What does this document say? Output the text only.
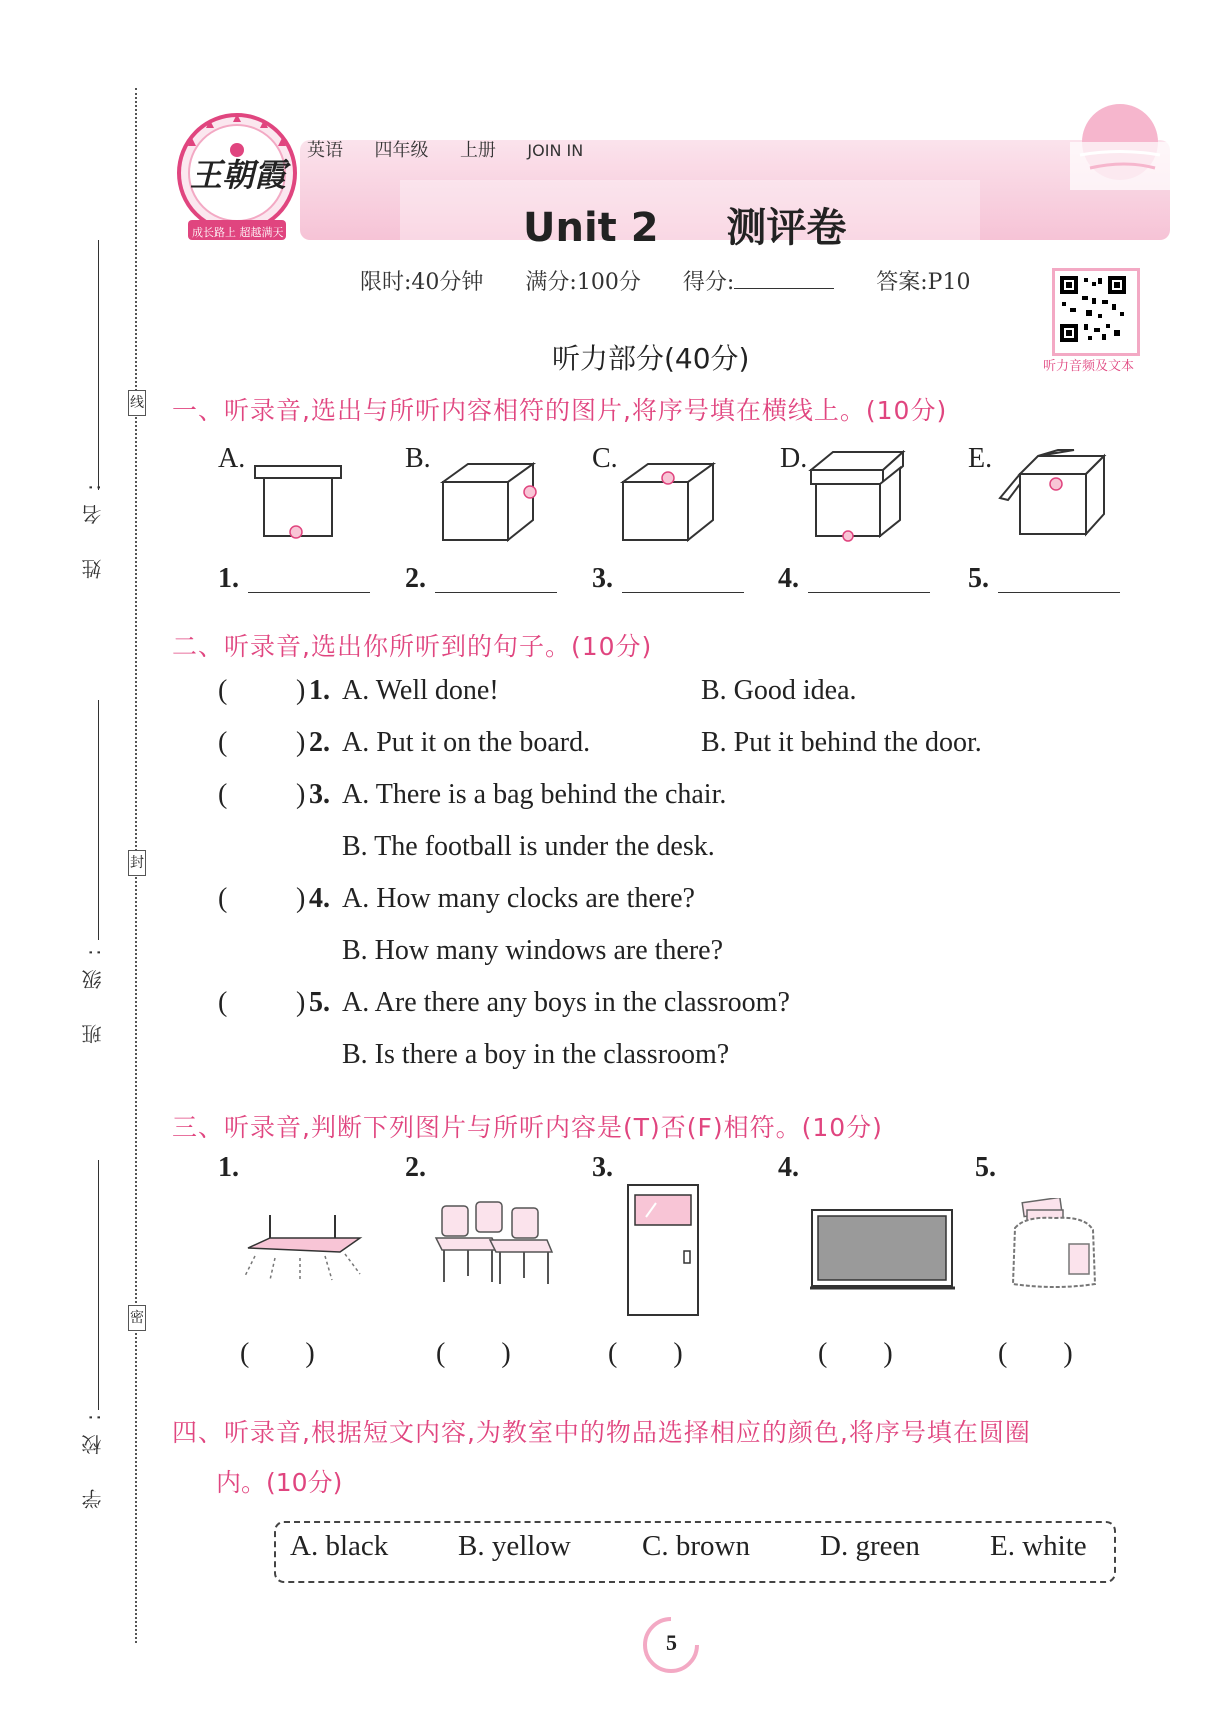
姓 名:
班 级:
学 校:
线
封
密
王朝霞
成长路上 超越满天
英语 四年级 上册 JOIN IN
Unit 2 测评卷
限时:40分钟 满分:100分 得分:	答案:P10
听力音频及文本
听力部分(40分)
一、听录音,选出与所听内容相符的图片,将序号填在横线上。(10分)
A.	B.	C.	D.	E.
1.	2.	3.	4.	5.
二、听录音,选出你所听到的句子。(10分)
( ) 1. A. Well done!	B. Good idea.
( ) 2. A. Put it on the board.	B. Put it behind the door.
( ) 3. A. There is a bag behind the chair.
B. The football is under the desk.
( ) 4. A. How many clocks are there?
B. How many windows are there?
( ) 5. A. Are there any boys in the classroom?
B. Is there a boy in the classroom?
三、听录音,判断下列图片与所听内容是(T)否(F)相符。(10分)
1.	2.	3.	4.	5.
(        )	(        )	(        )	(        )	(        )
四、听录音,根据短文内容,为教室中的物品选择相应的颜色,将序号填在圆圈
内。(10分)
A. black B. yellow C. brown D. green E. white
5
